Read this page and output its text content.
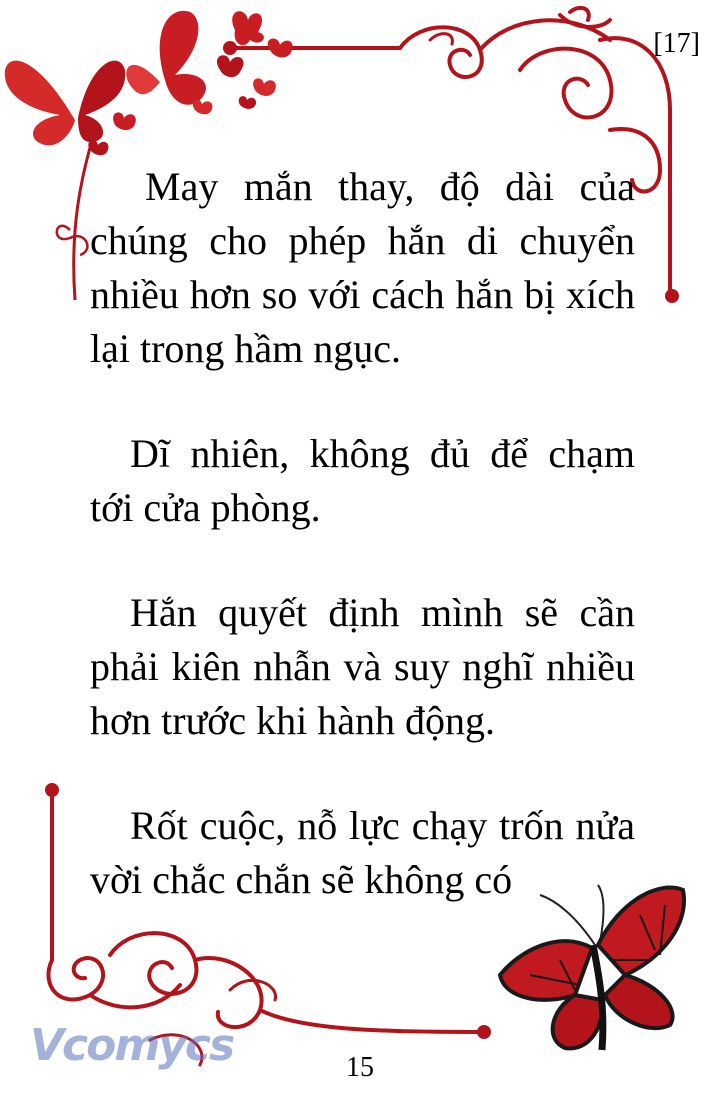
[17]

May mắn thay, độ dài của chúng cho phép hắn di chuyển nhiều hơn so với cách hắn bị xích lại trong hầm ngục.

Dĩ nhiên, không đủ để chạm tới cửa phòng.

Hắn quyết định mình sẽ cần phải kiên nhẫn và suy nghĩ nhiều hơn trước khi hành động.

Rốt cuộc, nỗ lực chạy trốn nửa vời chắc chắn sẽ không có

Vcomycs	15
